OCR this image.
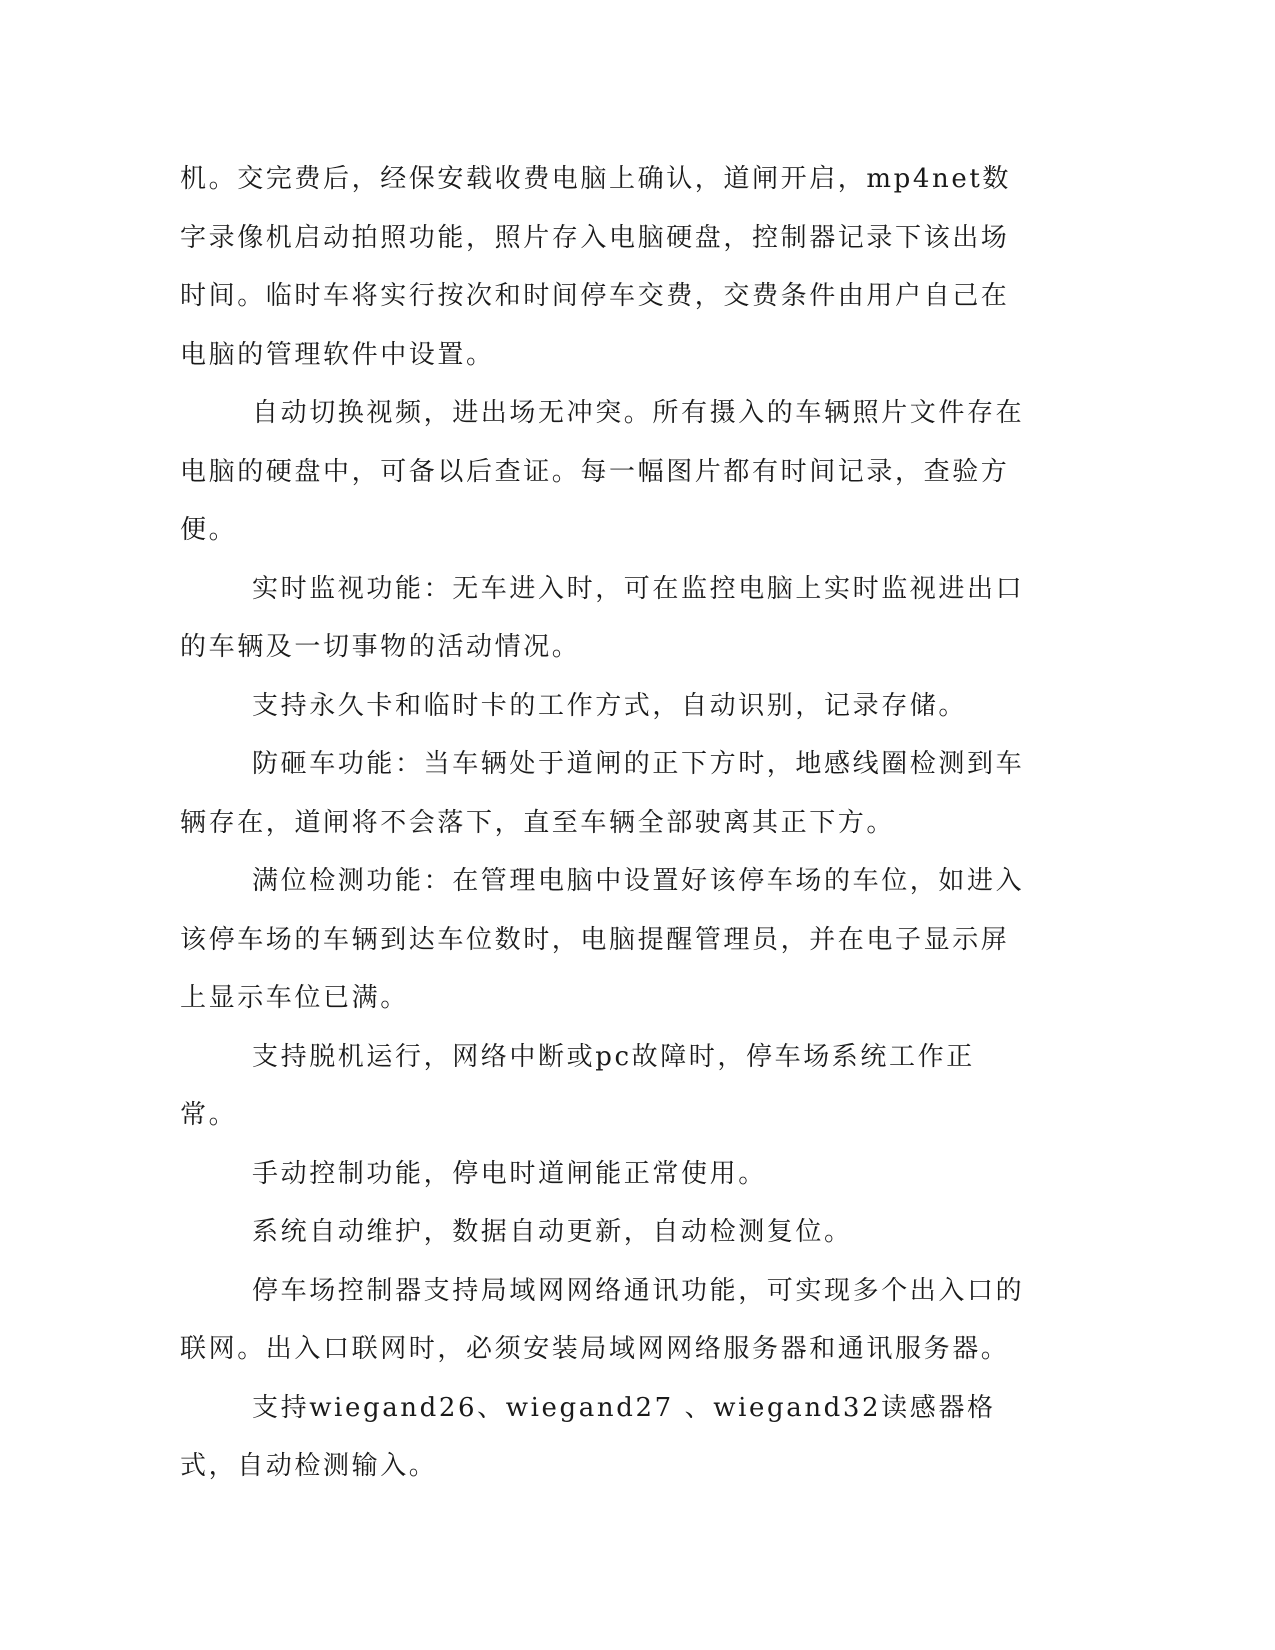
机。交完费后，经保安载收费电脑上确认，道闸开启，mp4net数字录像机启动拍照功能，照片存入电脑硬盘，控制器记录下该出场时间。临时车将实行按次和时间停车交费，交费条件由用户自己在电脑的管理软件中设置。

自动切换视频，进出场无冲突。所有摄入的车辆照片文件存在电脑的硬盘中，可备以后查证。每一幅图片都有时间记录，查验方便。

实时监视功能：无车进入时，可在监控电脑上实时监视进出口的车辆及一切事物的活动情况。

支持永久卡和临时卡的工作方式，自动识别，记录存储。

防砸车功能：当车辆处于道闸的正下方时，地感线圈检测到车辆存在，道闸将不会落下，直至车辆全部驶离其正下方。

满位检测功能：在管理电脑中设置好该停车场的车位，如进入该停车场的车辆到达车位数时，电脑提醒管理员，并在电子显示屏上显示车位已满。

支持脱机运行，网络中断或pc故障时，停车场系统工作正常。

手动控制功能，停电时道闸能正常使用。

系统自动维护，数据自动更新，自动检测复位。

停车场控制器支持局域网网络通讯功能，可实现多个出入口的联网。出入口联网时，必须安装局域网网络服务器和通讯服务器。

支持wiegand26、wiegand27 、wiegand32读感器格式，自动检测输入。
